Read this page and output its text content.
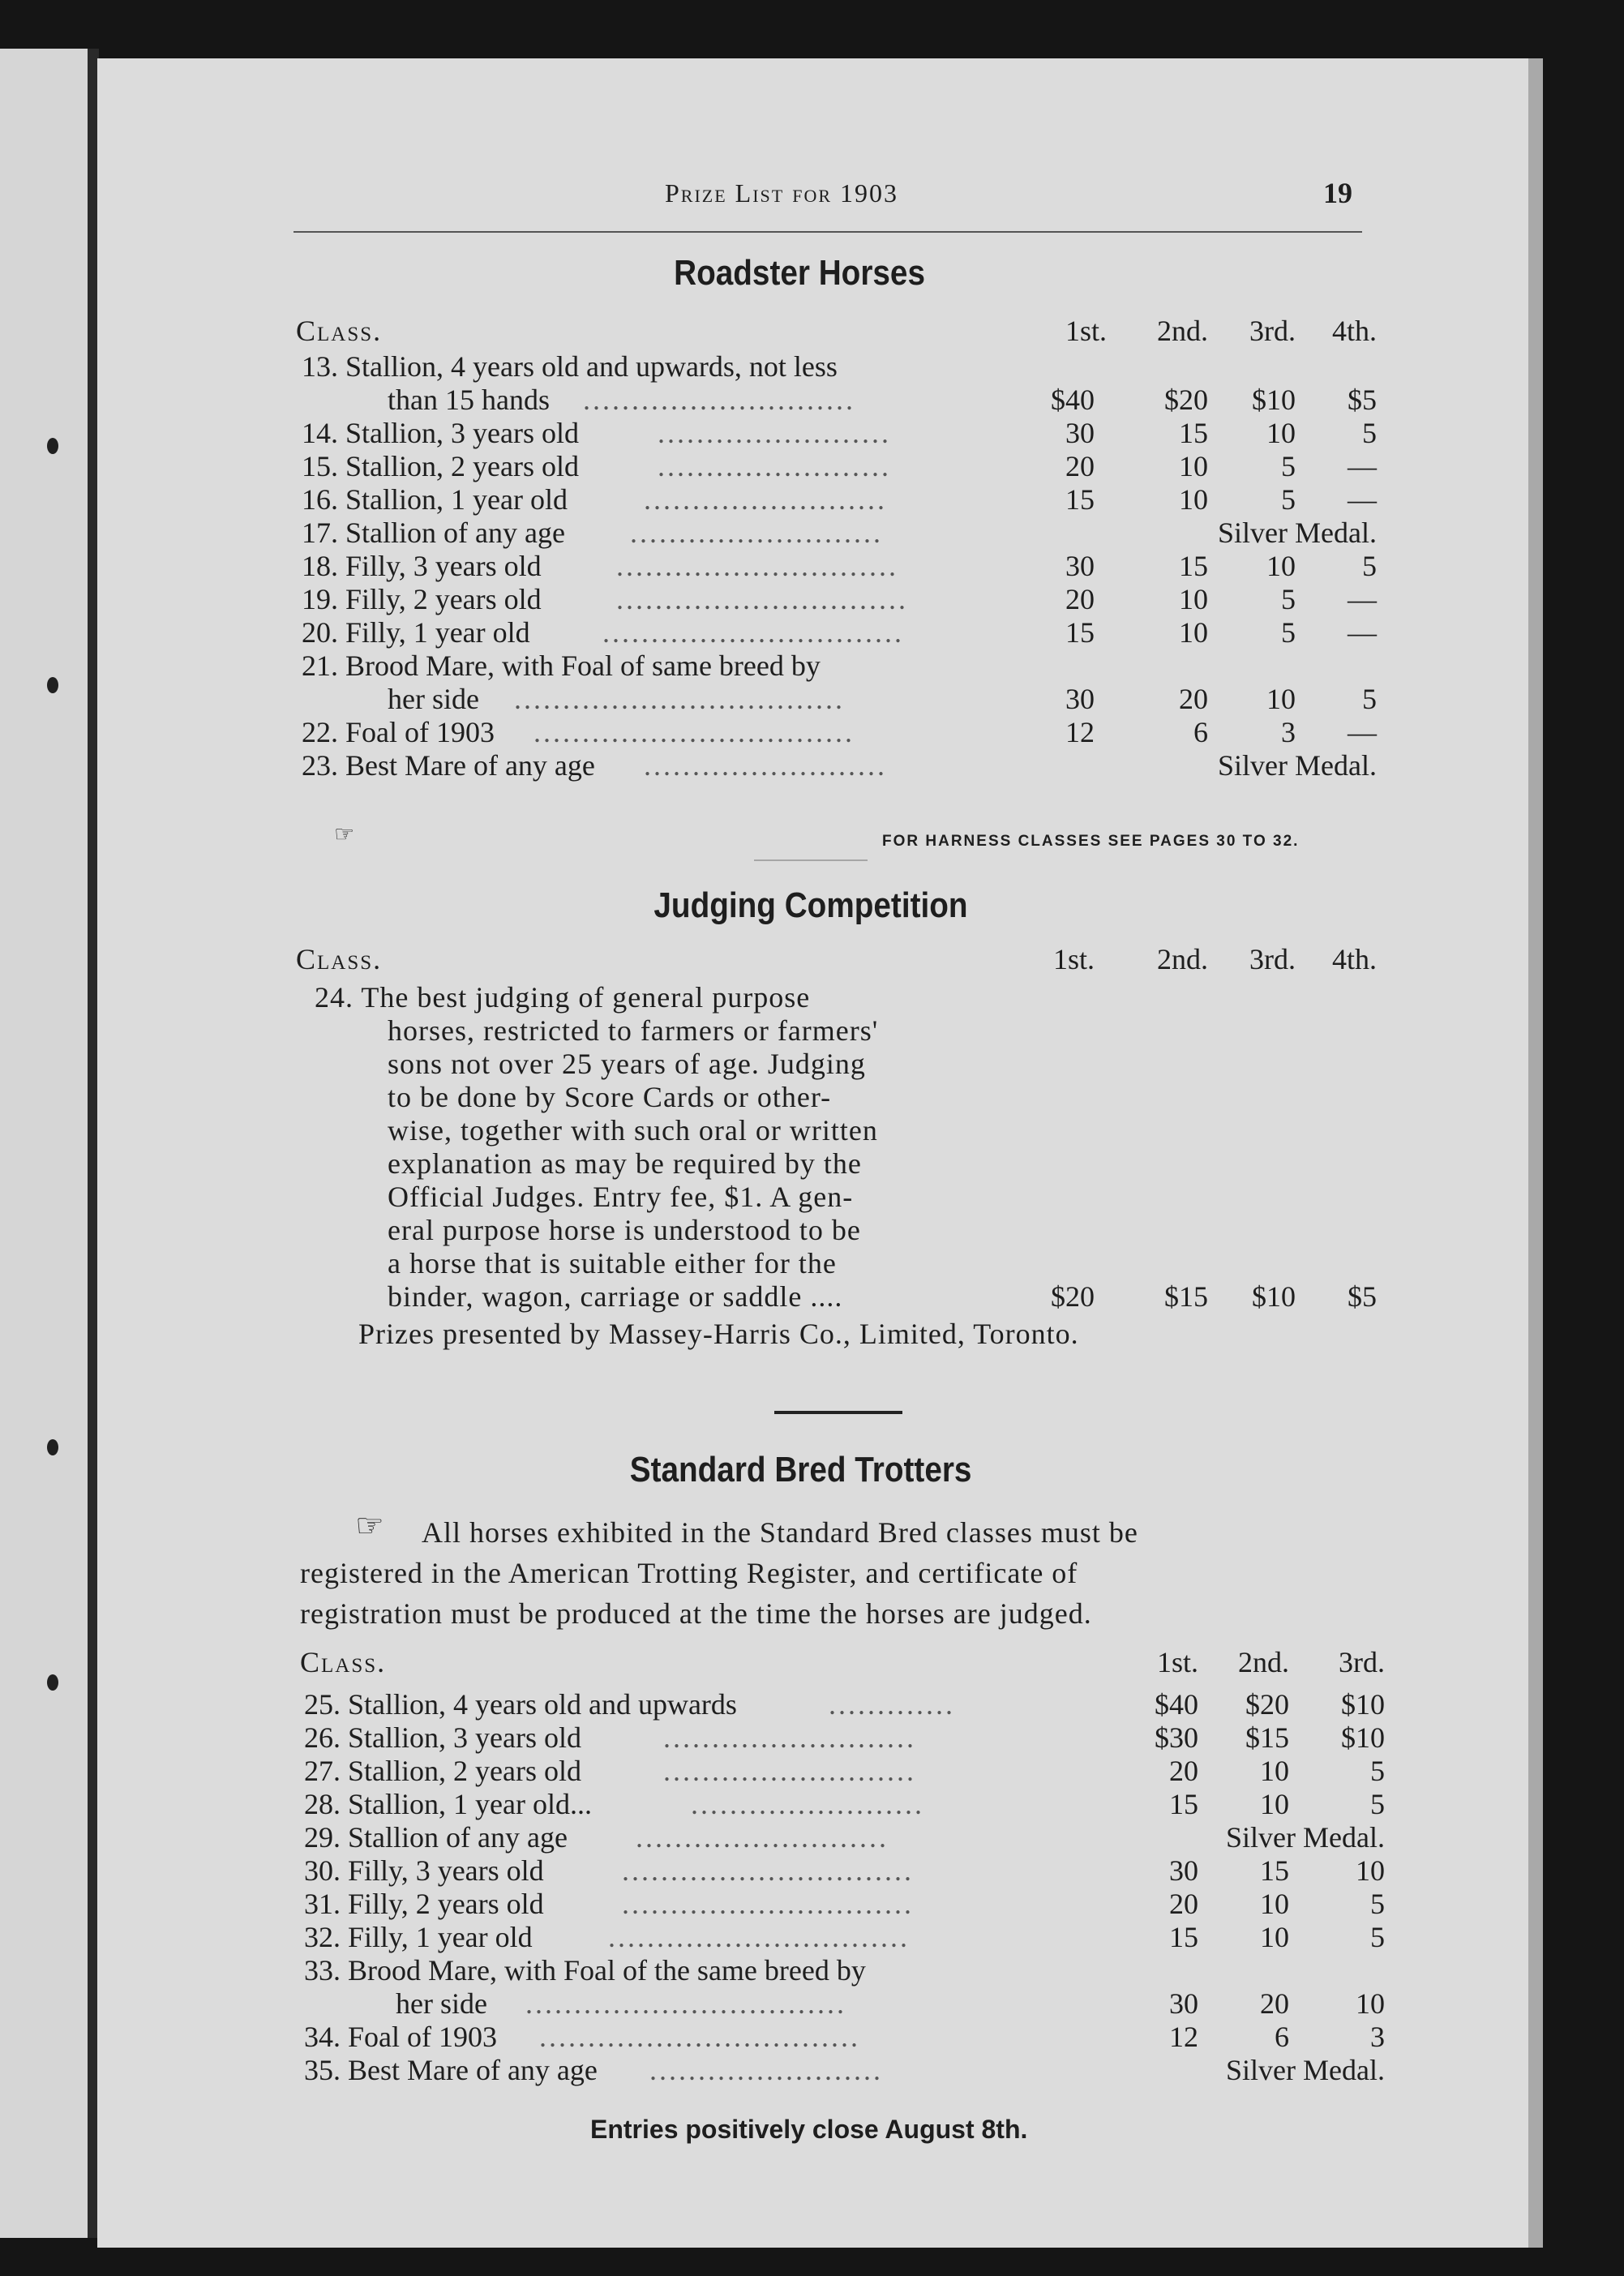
Prize List for 1903	19
Roadster Horses
FOR HARNESS CLASSES SEE PAGES 30 TO 32.
☞
Judging Competition
Standard Bred Trotters
☞
Entries positively close August 8th.
Class.	1st. 2nd. 3rd. 4th.
13. Stallion, 4 years old and upwards, not less
than 15 hands ............................	$40 $20 $10 $5
14. Stallion, 3 years old	........................	30	15 10 5
15. Stallion, 2 years old	........................	20	10	5 —
16. Stallion, 1 year old	.........................	15	10	5 —
17. Stallion of any age ..........................	Silver Medal.
18. Filly, 3 years old	.............................	30	15 10 5
19. Filly, 2 years old	..............................	20	10	5 —
20. Filly, 1 year old ...............................	15	10	5 —
21. Brood Mare, with Foal of same breed by
her side ..................................	30	20 10 5
22. Foal of 1903 .................................	12	6	3 —
23. Best Mare of any age .........................	Silver Medal.
Class.	1st. 2nd. 3rd. 4th.
24. The best judging of general purpose
horses, restricted to farmers or farmers'
sons not over 25 years of age. Judging
to be done by Score Cards or other-
wise, together with such oral or written
explanation as may be required by the
Official Judges. Entry fee, $1. A gen-
eral purpose horse is understood to be
a horse that is suitable either for the
binder, wagon, carriage or saddle ....	$20 $15 $10 $5
Prizes presented by Massey-Harris Co., Limited, Toronto.
All horses exhibited in the Standard Bred classes must be
registered in the American Trotting Register, and certificate of
registration must be produced at the time the horses are judged.
Class.	1st. 2nd. 3rd.
25. Stallion, 4 years old and upwards	.............	$40 $20 $10
26. Stallion, 3 years old	..........................	$30 $15 $10
27. Stallion, 2 years old	..........................	20 10	5
28. Stallion, 1 year old...	........................	15 10	5
29. Stallion of any age ..........................	Silver Medal.
30. Filly, 3 years old	..............................	30 15 10
31. Filly, 2 years old	..............................	20 10	5
32. Filly, 1 year old	...............................	15 10	5
33. Brood Mare, with Foal of the same breed by
her side .................................	30 20 10
34. Foal of 1903 .................................	12	6	3
35. Best Mare of any age ........................	Silver Medal.
